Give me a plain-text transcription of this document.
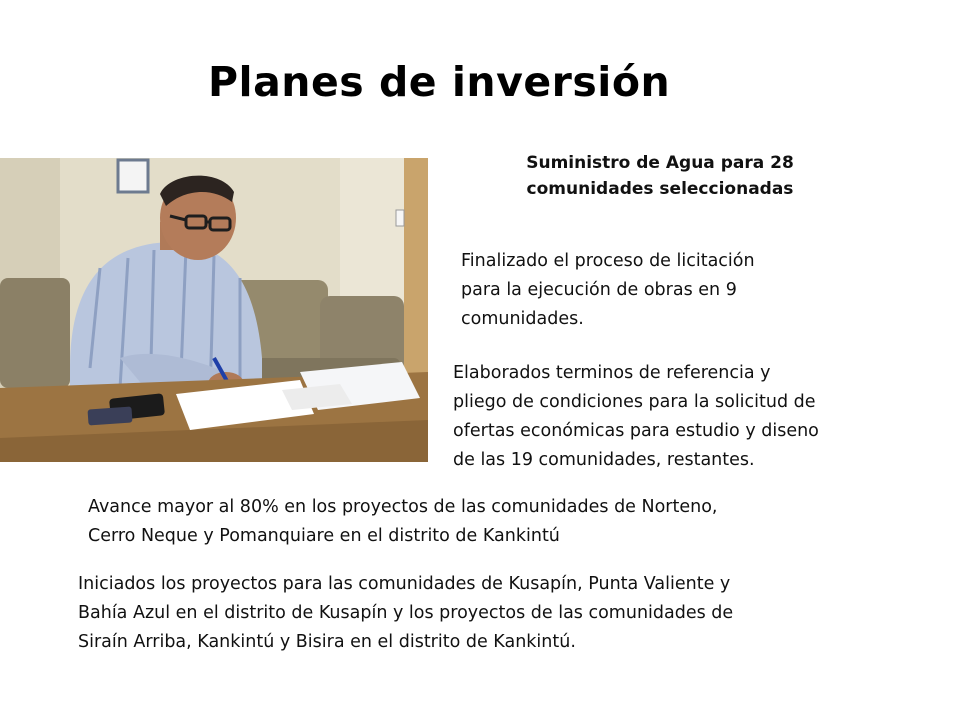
Planes de inversión
Suministro de Agua para 28
comunidades seleccionadas
Finalizado el proceso de licitación
para la ejecución de obras en 9
comunidades.
Elaborados terminos de referencia y
pliego de condiciones para la solicitud de
ofertas económicas para estudio y diseno
de las 19 comunidades, restantes.
Avance mayor al 80% en los proyectos de las comunidades de Norteno,
Cerro Neque y Pomanquiare en el distrito de Kankintú
Iniciados los proyectos para las comunidades de Kusapín, Punta Valiente y
Bahía Azul en el distrito de Kusapín y los proyectos de las comunidades de
Siraín Arriba, Kankintú y Bisira en el distrito de Kankintú.
